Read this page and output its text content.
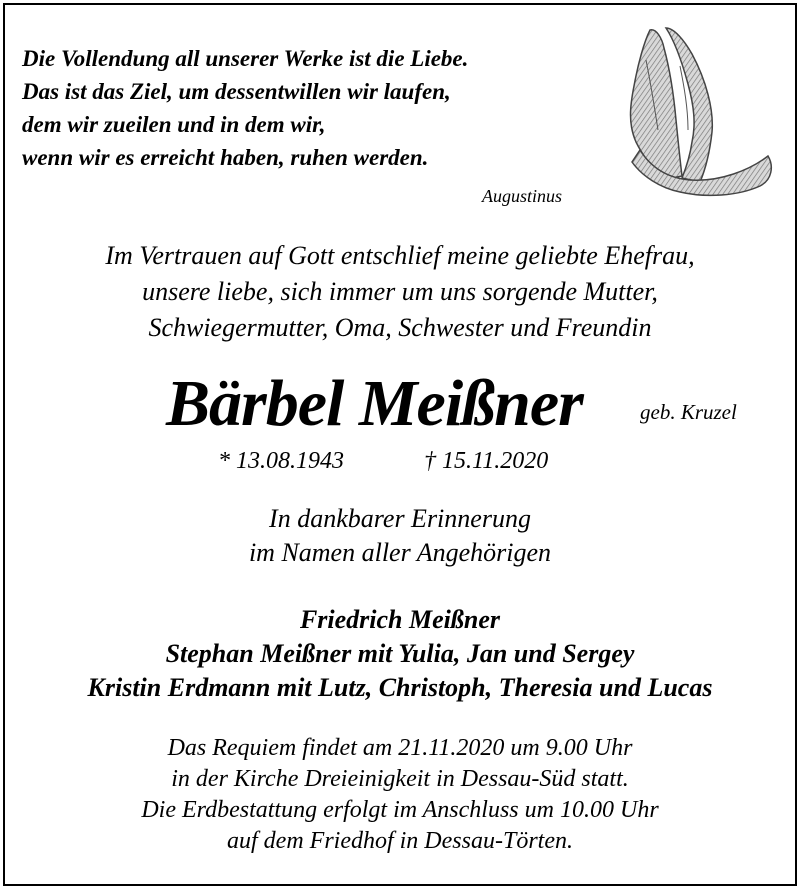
Die Vollendung all unserer Werke ist die Liebe.
Das ist das Ziel, um dessentwillen wir laufen,
dem wir zueilen und in dem wir,
wenn wir es erreicht haben, ruhen werden.
Augustinus
Im Vertrauen auf Gott entschlief meine geliebte Ehefrau,
unsere liebe, sich immer um uns sorgende Mutter,
Schwiegermutter, Oma, Schwester und Freundin
Bärbel Meißner	geb. Kruzel
* 13.08.1943	† 15.11.2020
In dankbarer Erinnerung
im Namen aller Angehörigen
Friedrich Meißner
Stephan Meißner mit Yulia, Jan und Sergey
Kristin Erdmann mit Lutz, Christoph, Theresia und Lucas
Das Requiem findet am 21.11.2020 um 9.00 Uhr
in der Kirche Dreieinigkeit in Dessau-Süd statt.
Die Erdbestattung erfolgt im Anschluss um 10.00 Uhr
auf dem Friedhof in Dessau-Törten.
